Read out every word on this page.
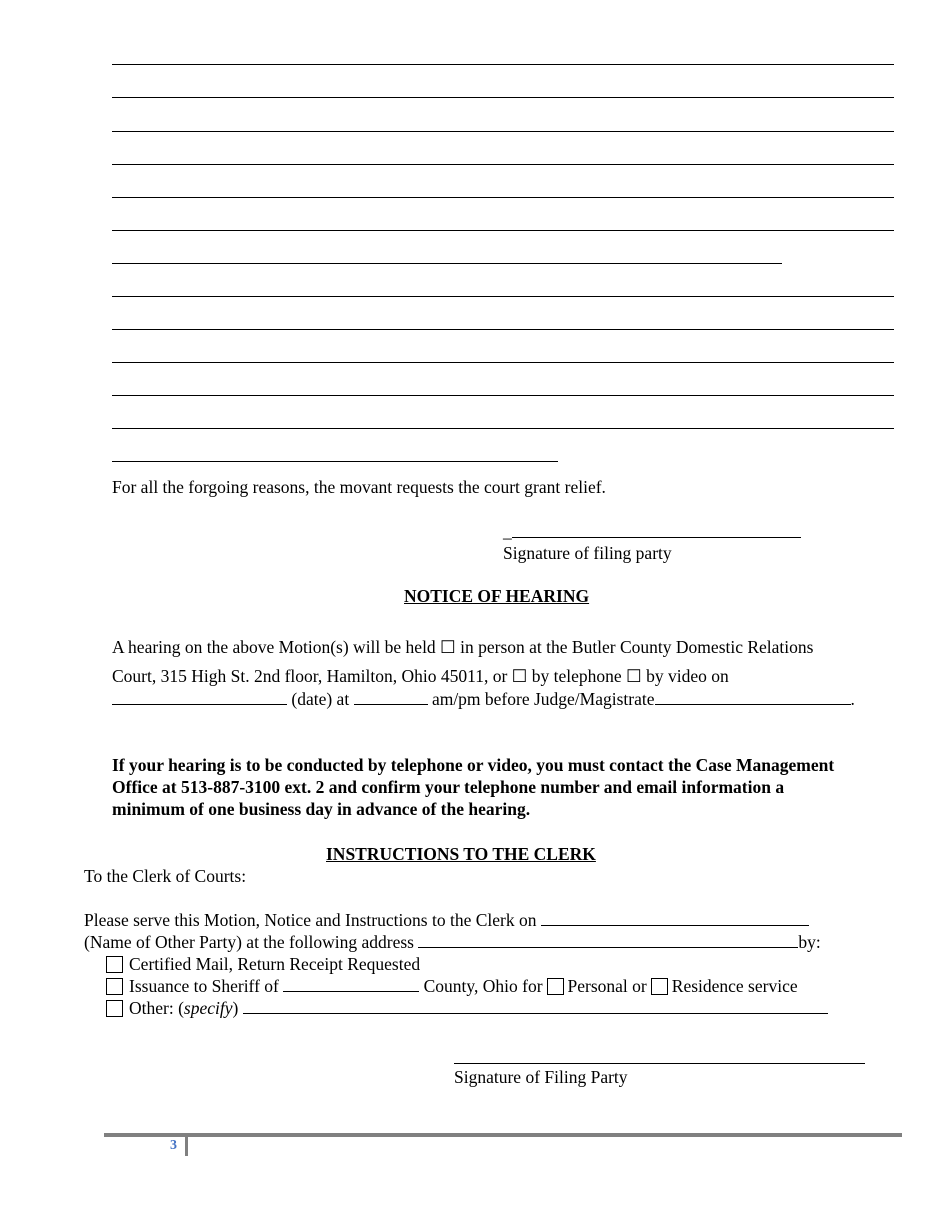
For all the forgoing reasons, the movant requests the court grant relief.
_
Signature of filing party
NOTICE OF HEARING
A hearing on the above Motion(s) will be held ☐ in person at the Butler County Domestic Relations
Court, 315 High St. 2nd floor, Hamilton, Ohio 45011, or ☐ by telephone ☐ by video on
(date) at	am/pm before Judge/Magistrate	.
If your hearing is to be conducted by telephone or video, you must contact the Case Management
Office at 513-887-3100 ext. 2 and confirm your telephone number and email information a
minimum of one business day in advance of the hearing.
INSTRUCTIONS TO THE CLERK
To the Clerk of Courts:
Please serve this Motion, Notice and Instructions to the Clerk on
(Name of Other Party) at the following address	by:
Certified Mail, Return Receipt Requested
Issuance to Sheriff of	County, Ohio for Personal or Residence service
Other: (specify)
Signature of Filing Party
3
